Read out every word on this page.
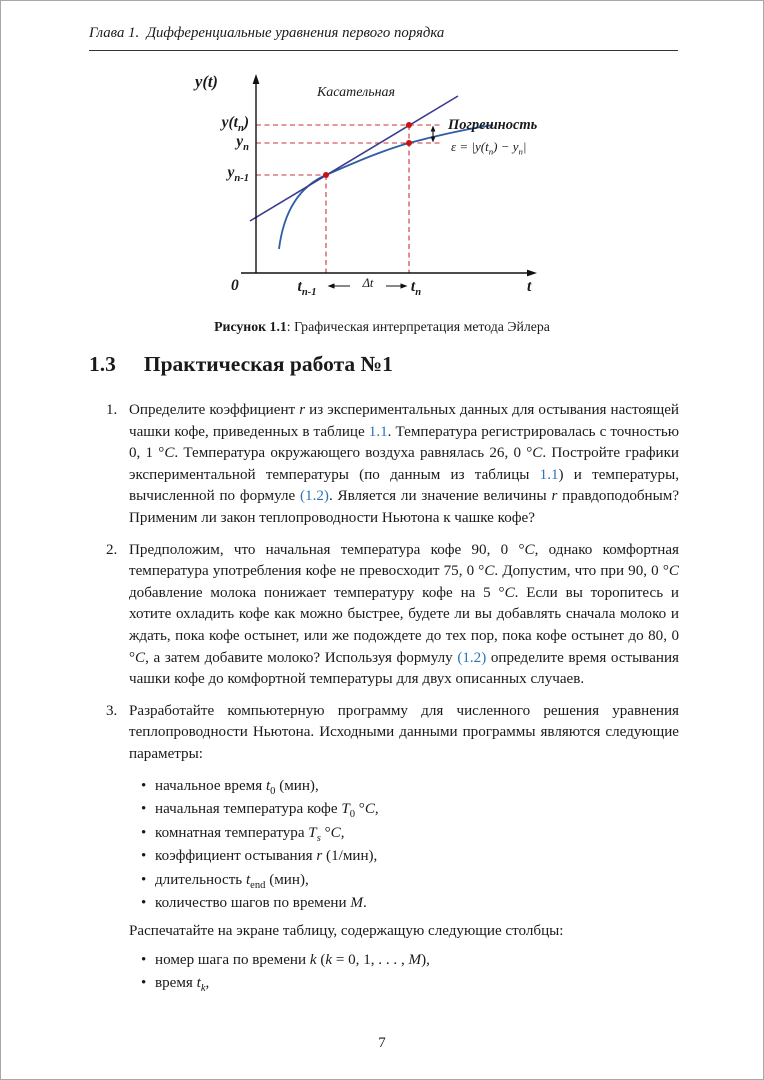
Глава 1. Дифференциальные уравнения первого порядка
y(t)
Касательная
$y(t_n)$
$y_n$
$y_{n-1}$
Погрешность
$\varepsilon = |y(t_n) - y_n|$
0	$t_{n-1}$
Δt	$t_n$	t
Рисунок 1.1: Графическая интерпретация метода Эйлера
1.3 Практическая работа №1
1. Определите коэффициент r из экспериментальных данных для остывания настоящей чашки кофе, приведенных в таблице 1.1. Температура регистрировалась с точностью 0, 1 °C. Температура окружающего воздуха равнялась 26, 0 °C. Постройте графики экспериментальной температуры (по данным из таблицы 1.1) и температуры, вычисленной по формуле (1.2). Является ли значение величины r правдоподобным? Применим ли закон теплопроводности Ньютона к чашке кофе?
2. Предположим, что начальная температура кофе 90, 0 °C, однако комфортная температура употребления кофе не превосходит 75, 0 °C. Допустим, что при 90, 0 °C добавление молока понижает температуру кофе на 5 °C. Если вы торопитесь и хотите охладить кофе как можно быстрее, будете ли вы добавлять сначала молоко и ждать, пока кофе остынет, или же подождете до тех пор, пока кофе остынет до 80, 0 °C, а затем добавите молоко? Используя формулу (1.2) определите время остывания чашки кофе до комфортной температуры для двух описанных случаев.
3. Разработайте компьютерную программу для численного решения уравнения теплопроводности Ньютона. Исходными данными программы являются следующие параметры:
• начальное время $t_0$ (мин),
• начальная температура кофе $T_0$ °C,
• комнатная температура $T_s$ °C,
• коэффициент остывания r (1/мин),
• длительность $t_{end}$ (мин),
• количество шагов по времени M.
Распечатайте на экране таблицу, содержащую следующие столбцы:
• номер шага по времени k (k = 0, 1, . . . , M),
• время $t_k$,
7
